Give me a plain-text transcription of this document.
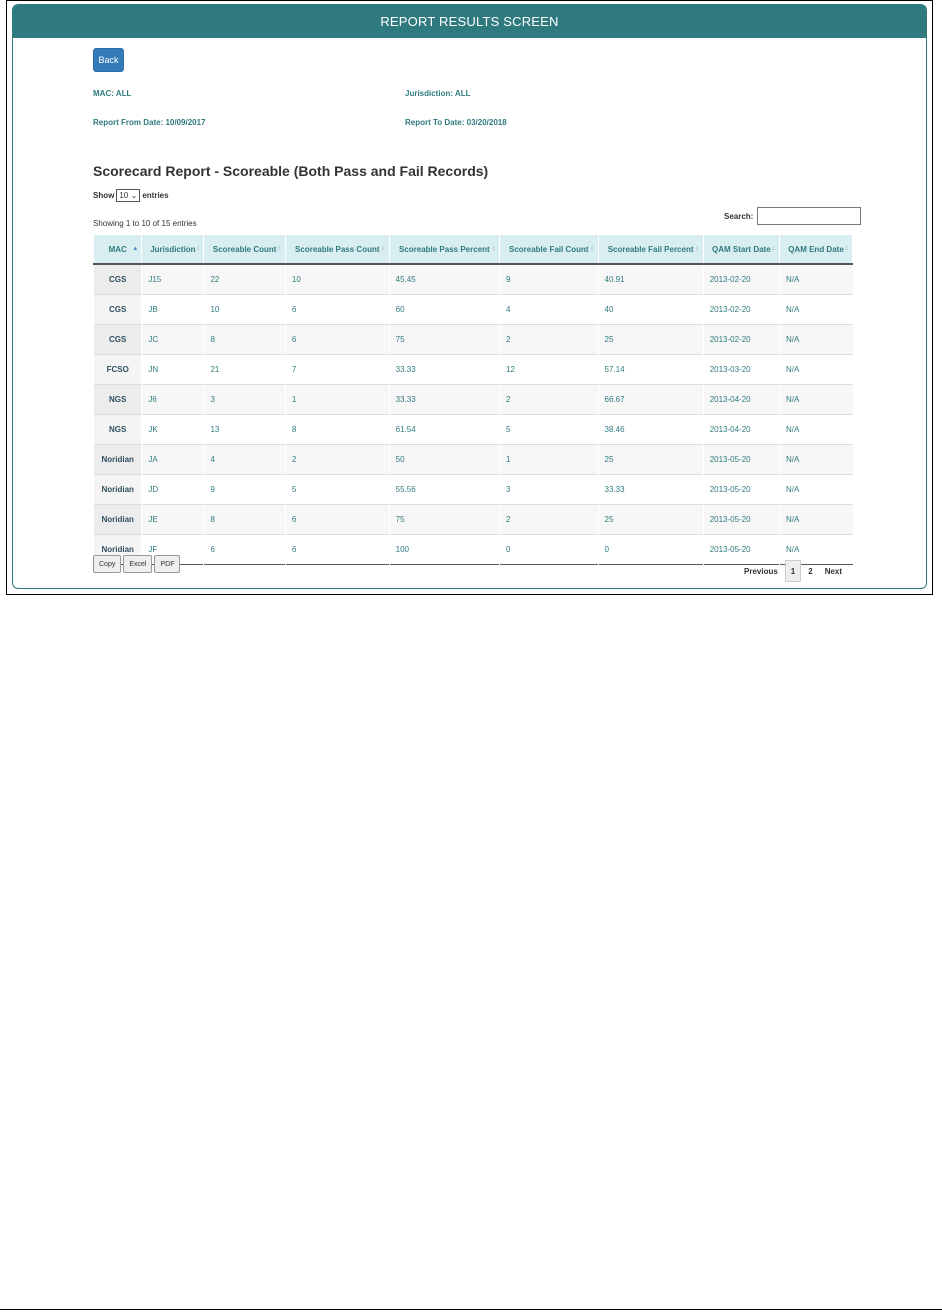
REPORT RESULTS SCREEN
Back
MAC: ALL	Jurisdiction: ALL
Report From Date: 10/09/2017	Report To Date: 03/20/2018
Scorecard Report - Scoreable (Both Pass and Fail Records)
Show 10 ⌄ entries
Showing 1 to 10 of 15 entries
Search:
MAC ▲	Jurisdiction ⇕	Scoreable Count ⇕	Scoreable Pass Count ⇕	Scoreable Pass Percent ⇕	Scoreable Fail Count ⇕	Scoreable Fail Percent ⇕	QAM Start Date ⇕	QAM End Date ⇕

CGS	J15	22	10	45.45	9	40.91	2013-02-20	N/A
CGS	JB	10	6	60	4	40	2013-02-20	N/A
CGS	JC	8	6	75	2	25	2013-02-20	N/A
FCSO	JN	21	7	33.33	12	57.14	2013-03-20	N/A
NGS	J6	3	1	33.33	2	66.67	2013-04-20	N/A
NGS	JK	13	8	61.54	5	38.46	2013-04-20	N/A
Noridian	JA	4	2	50	1	25	2013-05-20	N/A
Noridian	JD	9	5	55.56	3	33.33	2013-05-20	N/A
Noridian	JE	8	6	75	2	25	2013-05-20	N/A
Noridian	JF	6	6	100	0	0	2013-05-20	N/A
Copy	Excel	PDF
Previous	1	2	Next
